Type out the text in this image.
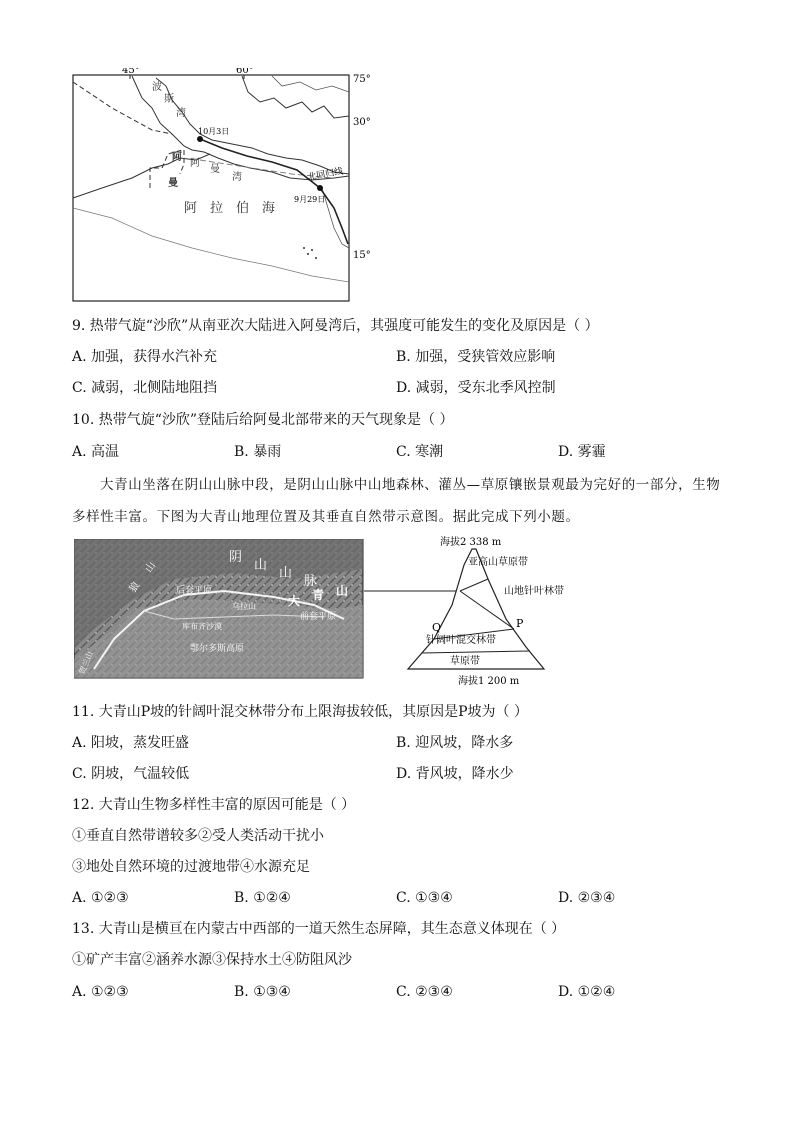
45°	60°
75°
30°
15°
波
斯
湾
阿
曼
湾
阿 拉 伯 海
阿
曼
10月3日
9月29日
北回归线
9. 热带气旋“沙欣”从南亚次大陆进入阿曼湾后，其强度可能发生的变化及原因是（ ）
A. 加强，获得水汽补充	B. 加强，受狭管效应影响
C. 减弱，北侧陆地阻挡	D. 减弱，受东北季风控制
10. 热带气旋“沙欣”登陆后给阿曼北部带来的天气现象是（ ）
A. 高温	B. 暴雨	C. 寒潮	D. 雾霾
大青山坐落在阴山山脉中段，是阴山山脉中山地森林、灌丛—草原镶嵌景观最为完好的一部分，生物
多样性丰富。下图为大青山地理位置及其垂直自然带示意图。据此完成下列小题。
阴
山
山
脉
大 青 山
狼
山
后套平原
乌拉山
前套平原
库布齐沙漠
鄂尔多斯高原
贺兰山
海拔2 338 m
亚高山草原带
山地针叶林带
针阔叶混交林带
草原带
海拔1 200 m
Q	P
11. 大青山P坡的针阔叶混交林带分布上限海拔较低，其原因是P坡为（ ）
A. 阳坡，蒸发旺盛	B. 迎风坡，降水多
C. 阴坡，气温较低	D. 背风坡，降水少
12. 大青山生物多样性丰富的原因可能是（ ）
①垂直自然带谱较多②受人类活动干扰小
③地处自然环境的过渡地带④水源充足
A. ①②③	B. ①②④	C. ①③④	D. ②③④
13. 大青山是横亘在内蒙古中西部的一道天然生态屏障，其生态意义体现在（ ）
①矿产丰富②涵养水源③保持水土④防阻风沙
A. ①②③	B. ①③④	C. ②③④	D. ①②④
